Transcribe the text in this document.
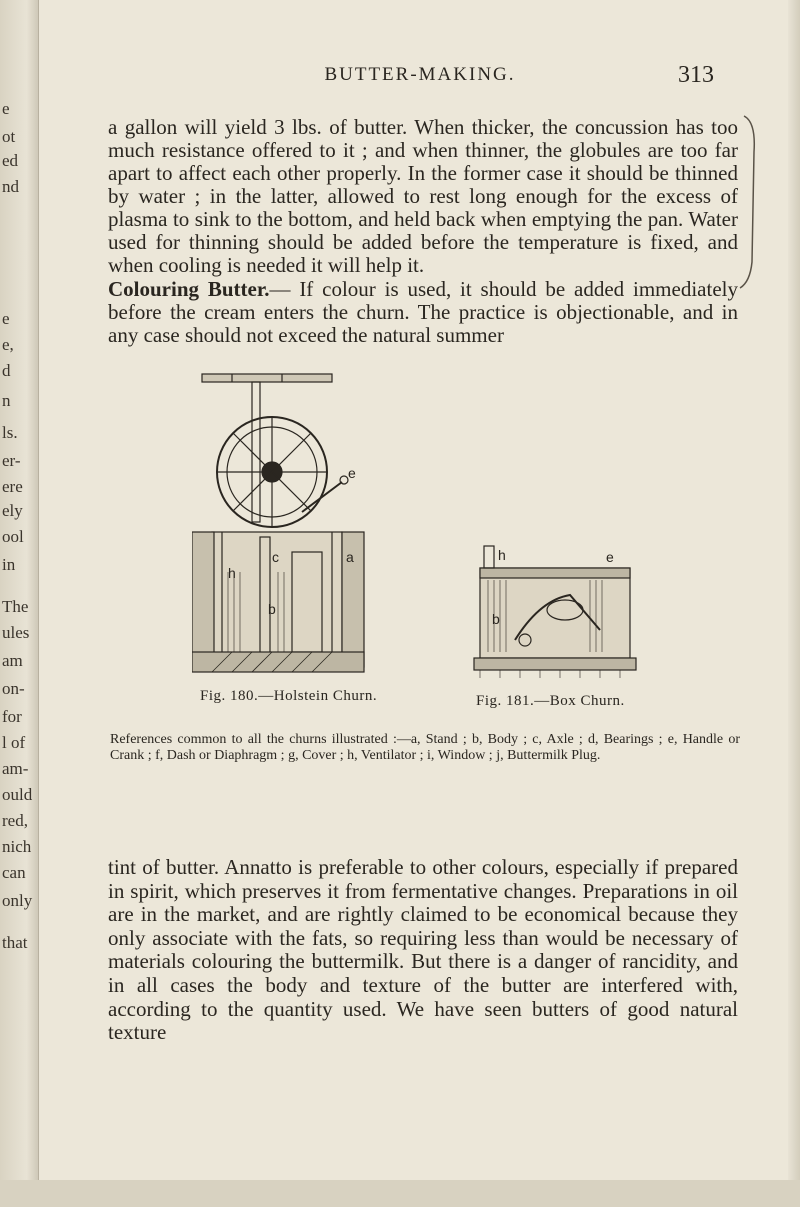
e
ot
ed
nd
e
e,
d
n
ls.
er-
ere
ely
ool
in
The
ules
am
on-
for
l of
am-
ould
red,
nich
can
only
that
BUTTER-MAKING.	313

a gallon will yield 3 lbs. of butter. When thicker, the concussion has too much resistance offered to it ; and when thinner, the globules are too far apart to affect each other properly. In the former case it should be thinned by water ; in the latter, allowed to rest long enough for the excess of plasma to sink to the bottom, and held back when emptying the pan. Water used for thinning should be added before the temperature is fixed, and when cooling is needed it will help it.

Colouring Butter.— If colour is used, it should be added immediately before the cream enters the churn. The practice is objectionable, and in any case should not exceed the natural summer

e
c	a
h
b
h	e
b
Fig. 180.—Holstein Churn.	Fig. 181.—Box Churn.
References common to all the churns illustrated :—a, Stand ; b, Body ; c, Axle ; d, Bearings ; e, Handle or Crank ; f, Dash or Diaphragm ; g, Cover ; h, Ventilator ; i, Window ; j, Buttermilk Plug.

tint of butter. Annatto is preferable to other colours, especially if prepared in spirit, which preserves it from fermentative changes. Preparations in oil are in the market, and are rightly claimed to be economical because they only associate with the fats, so requiring less than would be necessary of materials colouring the buttermilk. But there is a danger of rancidity, and in all cases the body and texture of the butter are interfered with, according to the quantity used. We have seen butters of good natural texture
